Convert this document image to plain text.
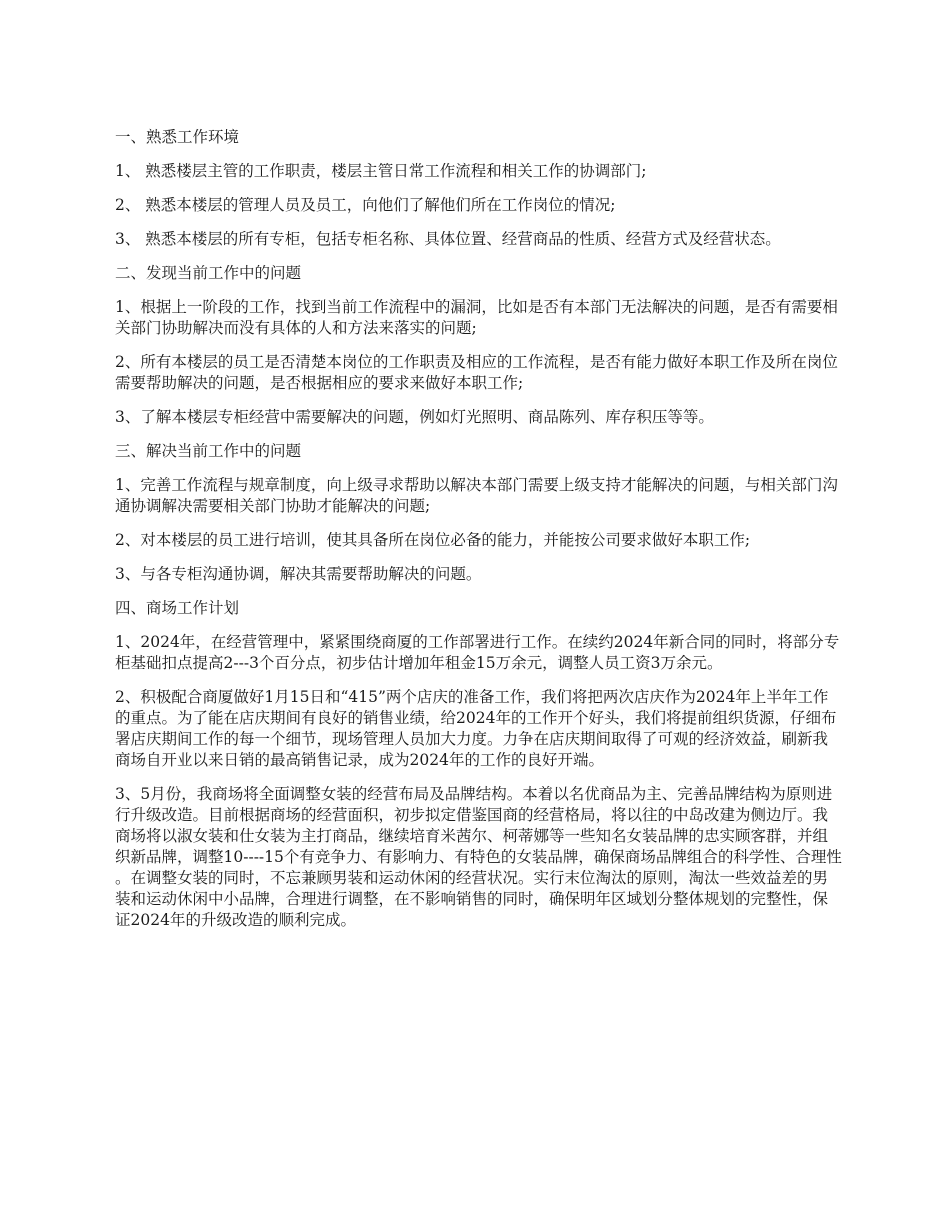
一、熟悉工作环境

1、 熟悉楼层主管的工作职责，楼层主管日常工作流程和相关工作的协调部门;

2、 熟悉本楼层的管理人员及员工，向他们了解他们所在工作岗位的情况;

3、 熟悉本楼层的所有专柜，包括专柜名称、具体位置、经营商品的性质、经营方式及经营状态。

二、发现当前工作中的问题

1、根据上一阶段的工作，找到当前工作流程中的漏洞，比如是否有本部门无法解决的问题，是否有需要相关部门协助解决而没有具体的人和方法来落实的问题;

2、所有本楼层的员工是否清楚本岗位的工作职责及相应的工作流程，是否有能力做好本职工作及所在岗位需要帮助解决的问题，是否根据相应的要求来做好本职工作;

3、了解本楼层专柜经营中需要解决的问题，例如灯光照明、商品陈列、库存积压等等。

三、解决当前工作中的问题

1、完善工作流程与规章制度，向上级寻求帮助以解决本部门需要上级支持才能解决的问题，与相关部门沟通协调解决需要相关部门协助才能解决的问题;

2、对本楼层的员工进行培训，使其具备所在岗位必备的能力，并能按公司要求做好本职工作;

3、与各专柜沟通协调，解决其需要帮助解决的问题。

四、商场工作计划

1、2024年，在经营管理中，紧紧围绕商厦的工作部署进行工作。在续约2024年新合同的同时，将部分专柜基础扣点提高2---3个百分点，初步估计增加年租金15万余元，调整人员工资3万余元。

2、积极配合商厦做好1月15日和“415”两个店庆的准备工作，我们将把两次店庆作为2024年上半年工作的重点。为了能在店庆期间有良好的销售业绩，给2024年的工作开个好头，我们将提前组织货源，仔细布署店庆期间工作的每一个细节，现场管理人员加大力度。力争在店庆期间取得了可观的经济效益，刷新我商场自开业以来日销的最高销售记录，成为2024年的工作的良好开端。

3、5月份，我商场将全面调整女装的经营布局及品牌结构。本着以名优商品为主、完善品牌结构为原则进行升级改造。目前根据商场的经营面积，初步拟定借鉴国商的经营格局，将以往的中岛改建为侧边厅。我商场将以淑女装和仕女装为主打商品，继续培育米茜尔、柯蒂娜等一些知名女装品牌的忠实顾客群，并组织新品牌，调整10----15个有竞争力、有影响力、有特色的女装品牌，确保商场品牌组合的科学性、合理性。在调整女装的同时，不忘兼顾男装和运动休闲的经营状况。实行末位淘汰的原则，淘汰一些效益差的男装和运动休闲中小品牌，合理进行调整，在不影响销售的同时，确保明年区域划分整体规划的完整性，保证2024年的升级改造的顺利完成。
